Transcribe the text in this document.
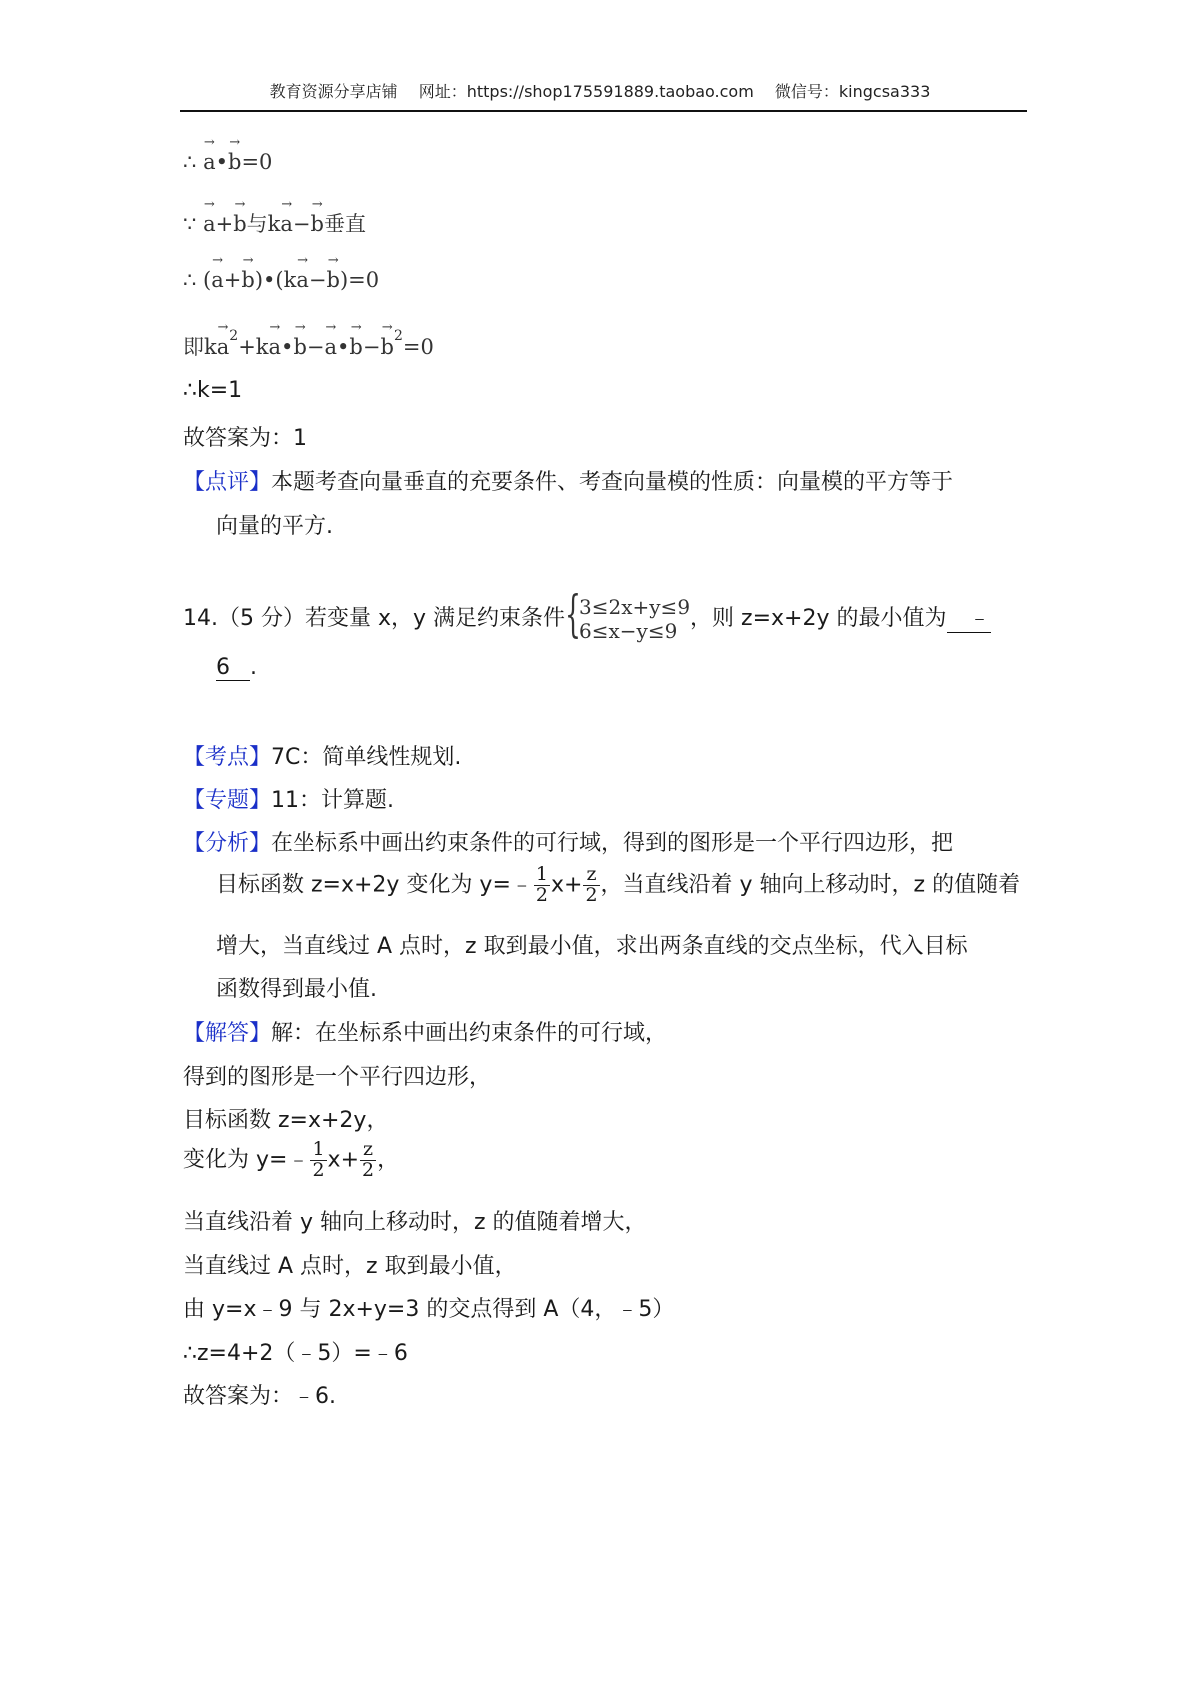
教育资源分享店铺 网址：https://shop175591889.taobao.com 微信号：kingcsa333
∴ → a•→ b=0
∵ → a+→ b与k→ a−→ b垂直
∴ (→ a+→ b)•(k→ a−→ b)=0
即$k\to a^2+k\to$ a•→ b−→ a•→ $b-\to b^2=0$
∴k=1
故答案为：1
【点评】本题考查向量垂直的充要条件、考查向量模的性质：向量模的平方等于
向量的平方.
14.（5 分）若变量 x，y 满足约束条件 {
3≤2x+y≤9
6≤x−y≤9 ，则 z=x+2y 的最小值为 ﹣
6 .
【考点】7C：简单线性规划.
【专题】11：计算题.
【分析】在坐标系中画出约束条件的可行域，得到的图形是一个平行四边形，把
目标函数 z=x+2y 变化为 y=﹣ $\frac{1}{2} x+ \frac{z}{2}$ ，当直线沿着 y 轴向上移动时，z 的值随着
增大，当直线过 A 点时，z 取到最小值，求出两条直线的交点坐标，代入目标
函数得到最小值.
【解答】解：在坐标系中画出约束条件的可行域，
得到的图形是一个平行四边形，
目标函数 z=x+2y，
变化为 y=﹣ $\frac{1}{2} x+ \frac{z}{2}$ ，
当直线沿着 y 轴向上移动时，z 的值随着增大，
当直线过 A 点时，z 取到最小值，
由 y=x﹣9 与 2x+y=3 的交点得到 A（4，﹣5）
∴z=4+2（﹣5）=﹣6
故答案为：﹣6.
